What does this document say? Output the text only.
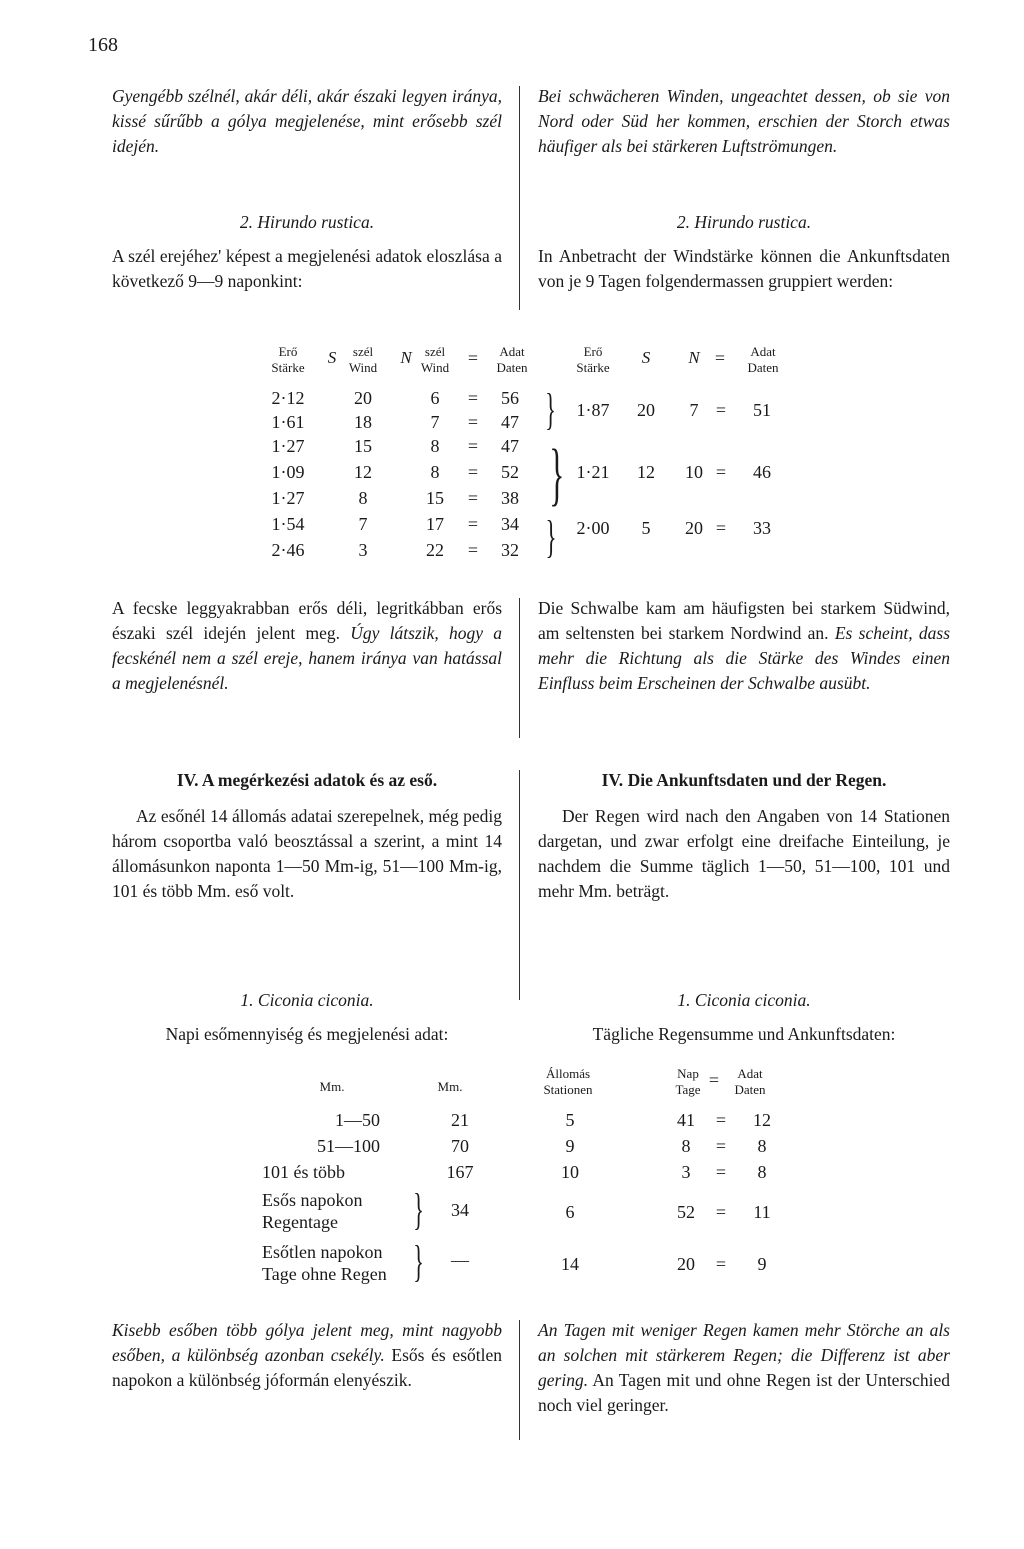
168
Gyengébb szélnél, akár déli, akár északi legyen iránya, kissé sűrűbb a gólya megjelenése, mint erősebb szél idején.
Bei schwächeren Winden, ungeachtet dessen, ob sie von Nord oder Süd her kommen, erschien der Storch etwas häufiger als bei stärkeren Luftströmungen.
2. Hirundo rustica.	2. Hirundo rustica.
A szél erejéhez' képest a megjelenési adatok eloszlása a következő 9—9 naponkint:
In Anbetracht der Windstärke können die Ankunftsdaten von je 9 Tagen folgendermassen gruppiert werden:
Erő
Stärke
S	szél
Wind
N	szél
Wind	=	Adat
Daten
Erő
Stärke
S	N =	Adat
Daten
2·12	20	6	=	56
1·61	18	7	=	47
1·27	15	8	=	47
1·09	12	8	=	52
1·27	8	15	=	38
1·54	7	17	=	34
2·46	3	22	=	32
}
}
}
1·87	20	7 =	51
1·21	12	10 =	46
2·00	5	20 =	33
A fecske leggyakrabban erős déli, legritkábban erős északi szél idején jelent meg. Úgy látszik, hogy a fecskénél nem a szél ereje, hanem iránya van hatással a megjelenésnél.
Die Schwalbe kam am häufigsten bei starkem Südwind, am seltensten bei starkem Nordwind an. Es scheint, dass mehr die Richtung als die Stärke des Windes einen Einfluss beim Erscheinen der Schwalbe ausübt.
IV. A megérkezési adatok és az eső.	IV. Die Ankunftsdaten und der Regen.
Az esőnél 14 állomás adatai szerepelnek, még pedig három csoportba való beosztással a szerint, a mint 14 állomásunkon naponta 1—50 Mm-ig, 51—100 Mm-ig, 101 és több Mm. eső volt.
Der Regen wird nach den Angaben von 14 Stationen dargetan, und zwar erfolgt eine dreifache Einteilung, je nachdem die Summe täglich 1—50, 51—100, 101 und mehr Mm. beträgt.
1. Ciconia ciconia.	1. Ciconia ciconia.
Napi esőmennyiség és megjelenési adat:	Tägliche Regensumme und Ankunftsdaten:
Mm.	Mm.
Állomás
Stationen
Nap
Tage =	Adat
Daten
1—50	21	5	41	=	12
51—100	70	9	8	=	8
101 és több	167	10	3	=	8
Esős napokon
Regentage	}	34	6	52	=	11
Esőtlen napokon
Tage ohne Regen }	—	14	20	=	9
Kisebb esőben több gólya jelent meg, mint nagyobb esőben, a különbség azonban csekély. Esős és esőtlen napokon a különbség jóformán elenyészik.
An Tagen mit weniger Regen kamen mehr Störche an als an solchen mit stärkerem Regen; die Differenz ist aber gering. An Tagen mit und ohne Regen ist der Unterschied noch viel geringer.
